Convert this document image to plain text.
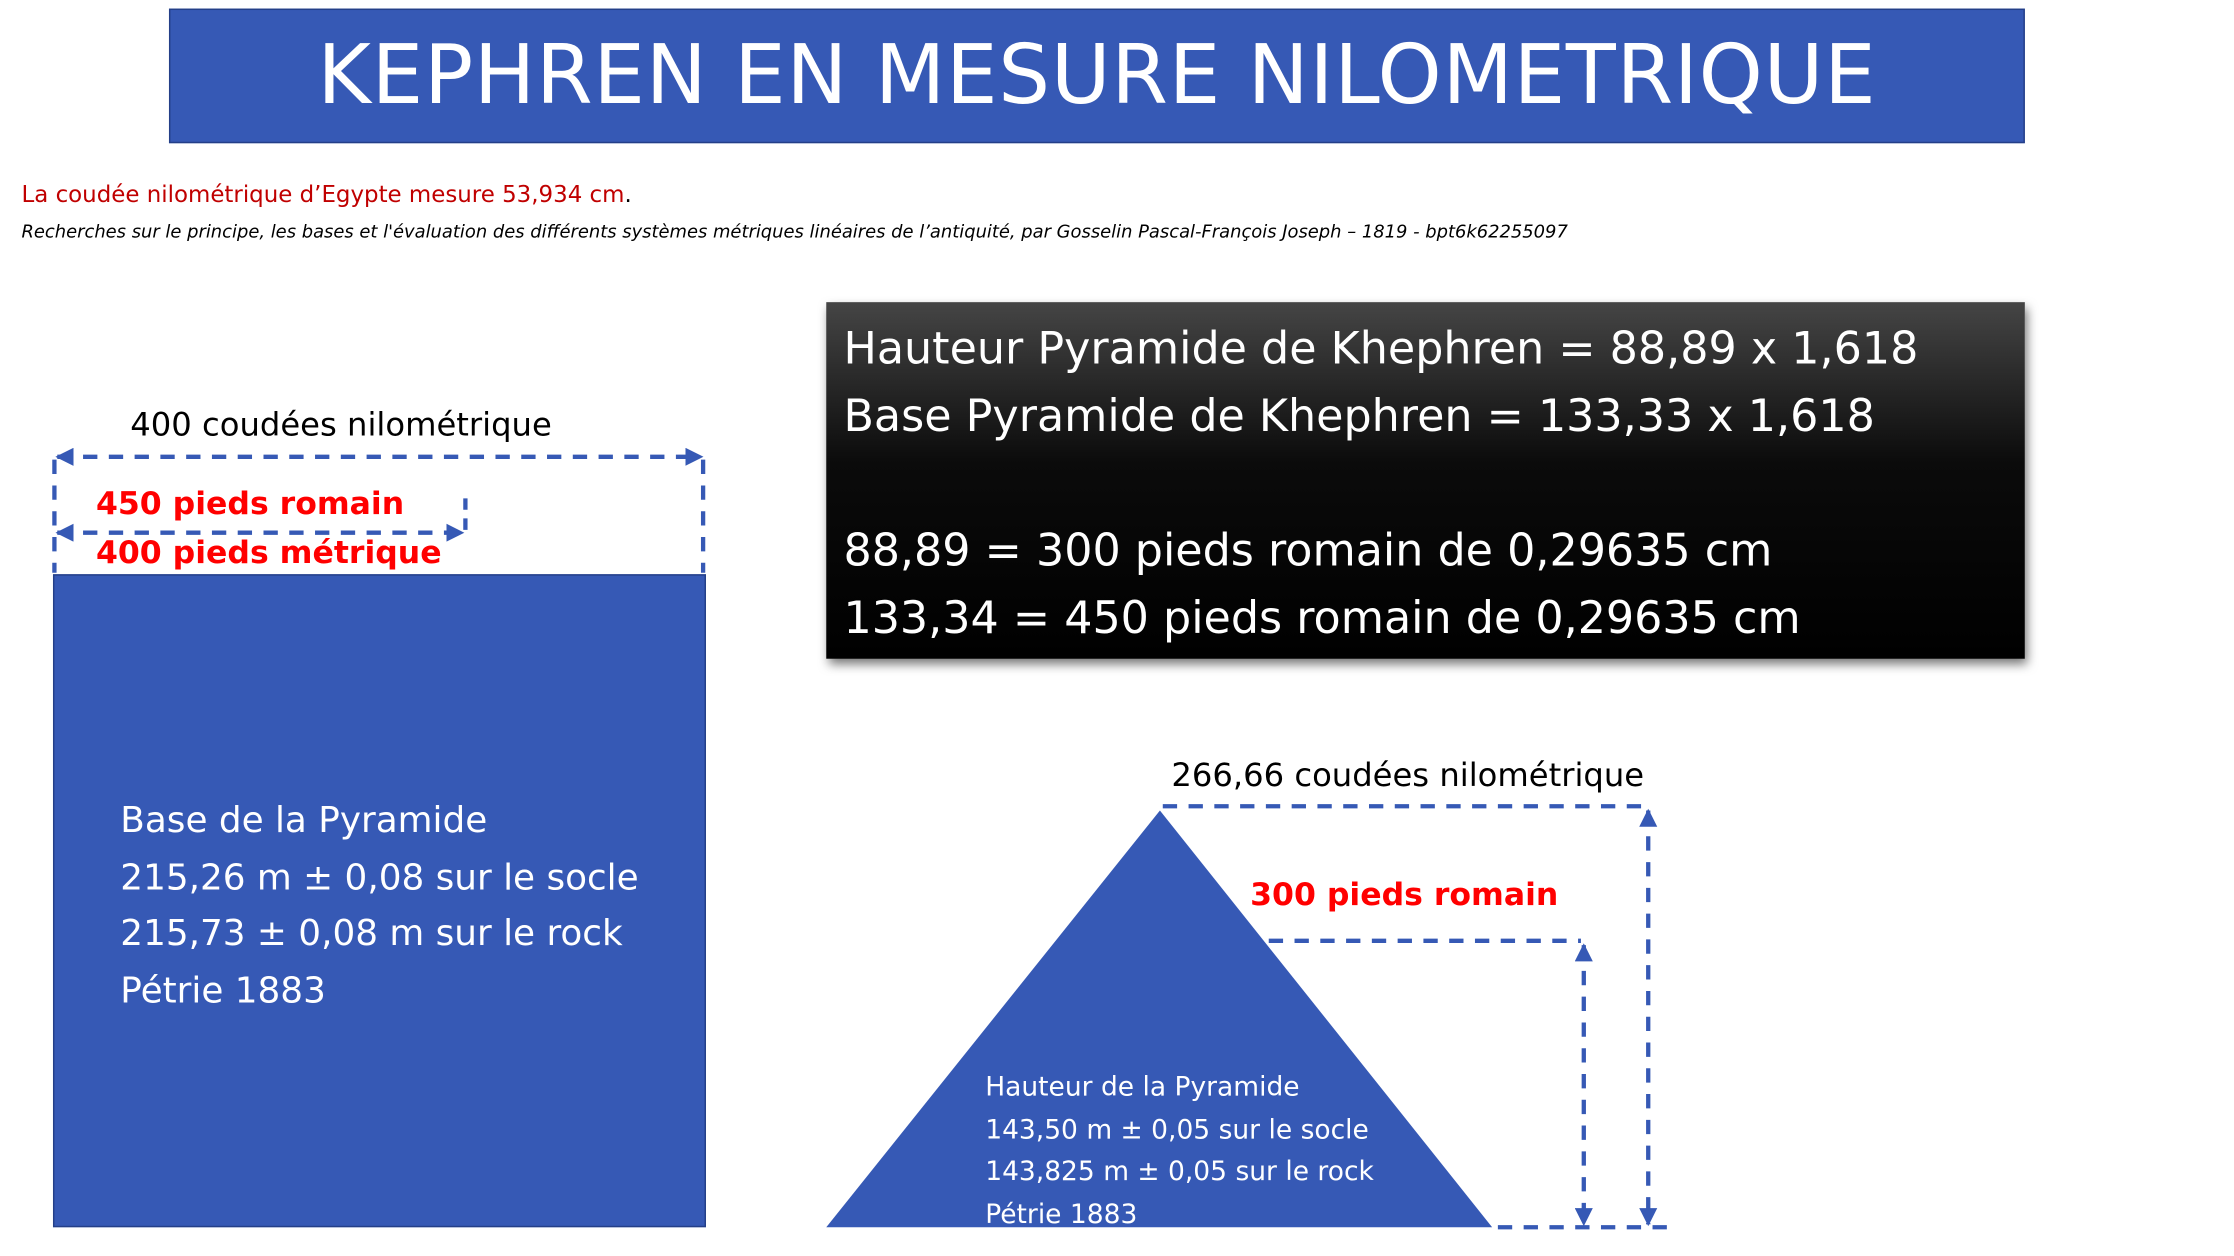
KEPHREN EN MESURE NILOMETRIQUE

La coudée nilométrique d’Egypte mesure 53,934 cm.

Recherches sur le principe, les bases et l'évaluation des différents systèmes métriques linéaires de l’antiquité, par Gosselin Pascal-François Joseph – 1819 - bpt6k62255097

Hauteur Pyramide de Khephren = 88,89 x 1,618
Base Pyramide de Khephren = 133,33 x 1,618
88,89 = 300 pieds romain de 0,29635 cm
133,34 = 450 pieds romain de 0,29635 cm
Base de la Pyramide
215,26 m ± 0,08 sur le socle
215,73 ± 0,08 m sur le rock
Pétrie 1883

400 coudées nilométrique

450 pieds romain

400 pieds métrique

266,66 coudées nilométrique

300 pieds romain

Hauteur de la Pyramide
143,50 m ± 0,05 sur le socle
143,825 m ± 0,05 sur le rock
Pétrie 1883
